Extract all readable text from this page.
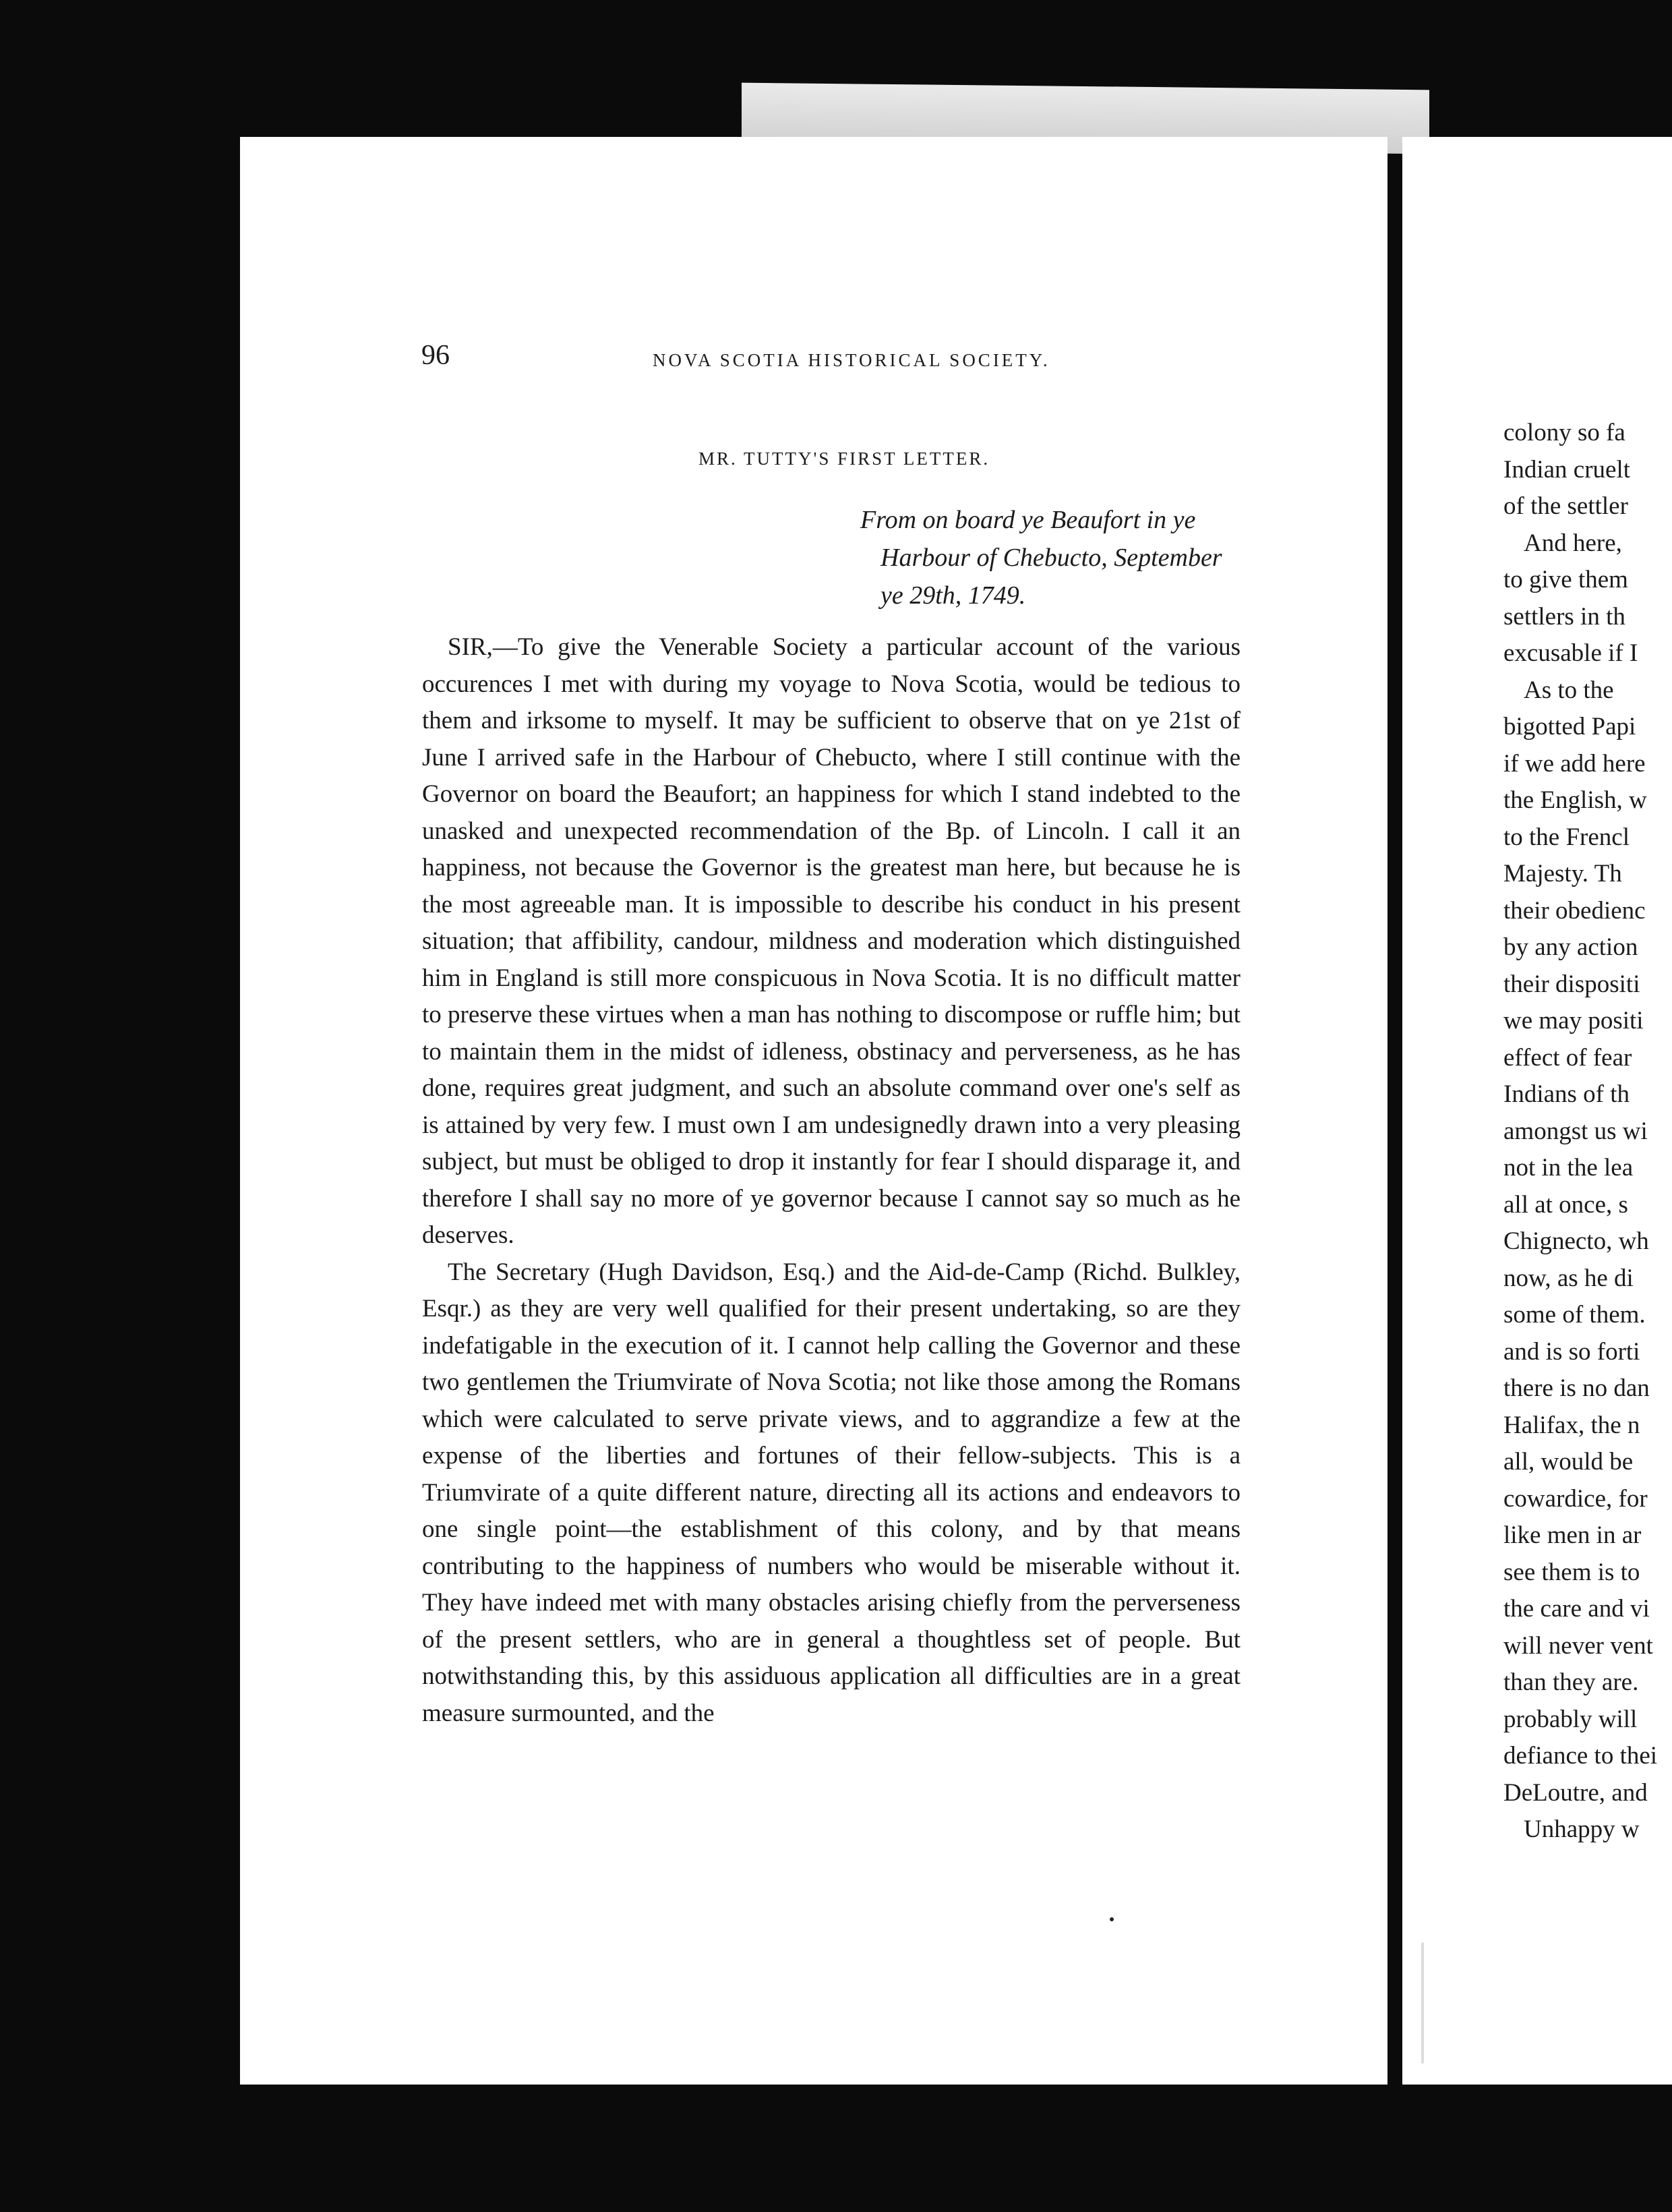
96	NOVA SCOTIA HISTORICAL SOCIETY.
MR. TUTTY'S FIRST LETTER.
From on board ye Beaufort in ye
Harbour of Chebucto, September
ye 29th, 1749.

SIR,—To give the Venerable Society a particular account of the various occurences I met with during my voyage to Nova Scotia, would be tedious to them and irksome to myself. It may be sufficient to observe that on ye 21st of June I arrived safe in the Harbour of Chebucto, where I still continue with the Governor on board the Beaufort; an happiness for which I stand indebted to the unasked and unexpected recommendation of the Bp. of Lincoln. I call it an happiness, not because the Governor is the greatest man here, but because he is the most agreeable man. It is impossible to describe his conduct in his present situation; that affibility, candour, mildness and moderation which distinguished him in England is still more conspicuous in Nova Scotia. It is no difficult matter to preserve these virtues when a man has nothing to discompose or ruffle him; but to maintain them in the midst of idleness, obstinacy and perverseness, as he has done, requires great judgment, and such an absolute command over one's self as is attained by very few. I must own I am undesignedly drawn into a very pleasing subject, but must be obliged to drop it instantly for fear I should disparage it, and therefore I shall say no more of ye governor because I cannot say so much as he deserves.

The Secretary (Hugh Davidson, Esq.) and the Aid-de-Camp (Richd. Bulkley, Esqr.) as they are very well qualified for their present undertaking, so are they indefatigable in the execution of it. I cannot help calling the Governor and these two gentlemen the Triumvirate of Nova Scotia; not like those among the Romans which were calculated to serve private views, and to aggrandize a few at the expense of the liberties and fortunes of their fellow-subjects. This is a Triumvirate of a quite different nature, directing all its actions and endeavors to one single point—the establishment of this colony, and by that means contributing to the happiness of numbers who would be miserable without it. They have indeed met with many obstacles arising chiefly from the perverseness of the present settlers, who are in general a thoughtless set of people. But notwithstanding this, by this assiduous application all difficulties are in a great measure surmounted, and the

colony so fa
Indian cruelt
of the settler
And here,
to give them
settlers in th
excusable if I
As to the
bigotted Papi
if we add here
the English, w
to the Frencl
Majesty. Th
their obedienc
by any action
their dispositi
we may positi
effect of fear
Indians of th
amongst us wi
not in the lea
all at once, s
Chignecto, wh
now, as he di
some of them.
and is so forti
there is no dan
Halifax, the n
all, would be
cowardice, for
like men in ar
see them is to
the care and vi
will never vent
than they are.
probably will
defiance to thei
DeLoutre, and
Unhappy w
